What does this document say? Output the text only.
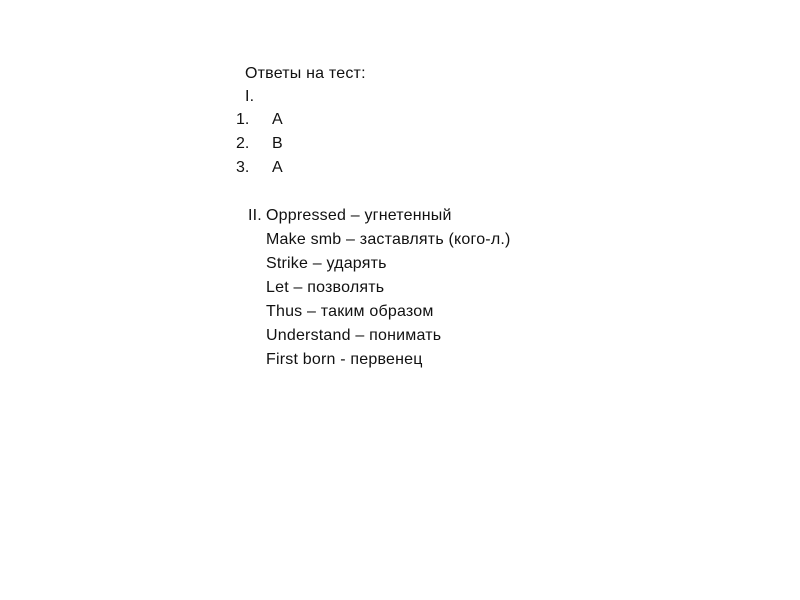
Ответы на тест:
I.
1. A
2. B
3. A
II. Oppressed – угнетенный
Make smb – заставлять (кого-л.)
Strike – ударять
Let – позволять
Thus – таким образом
Understand – понимать
First born - первенец
